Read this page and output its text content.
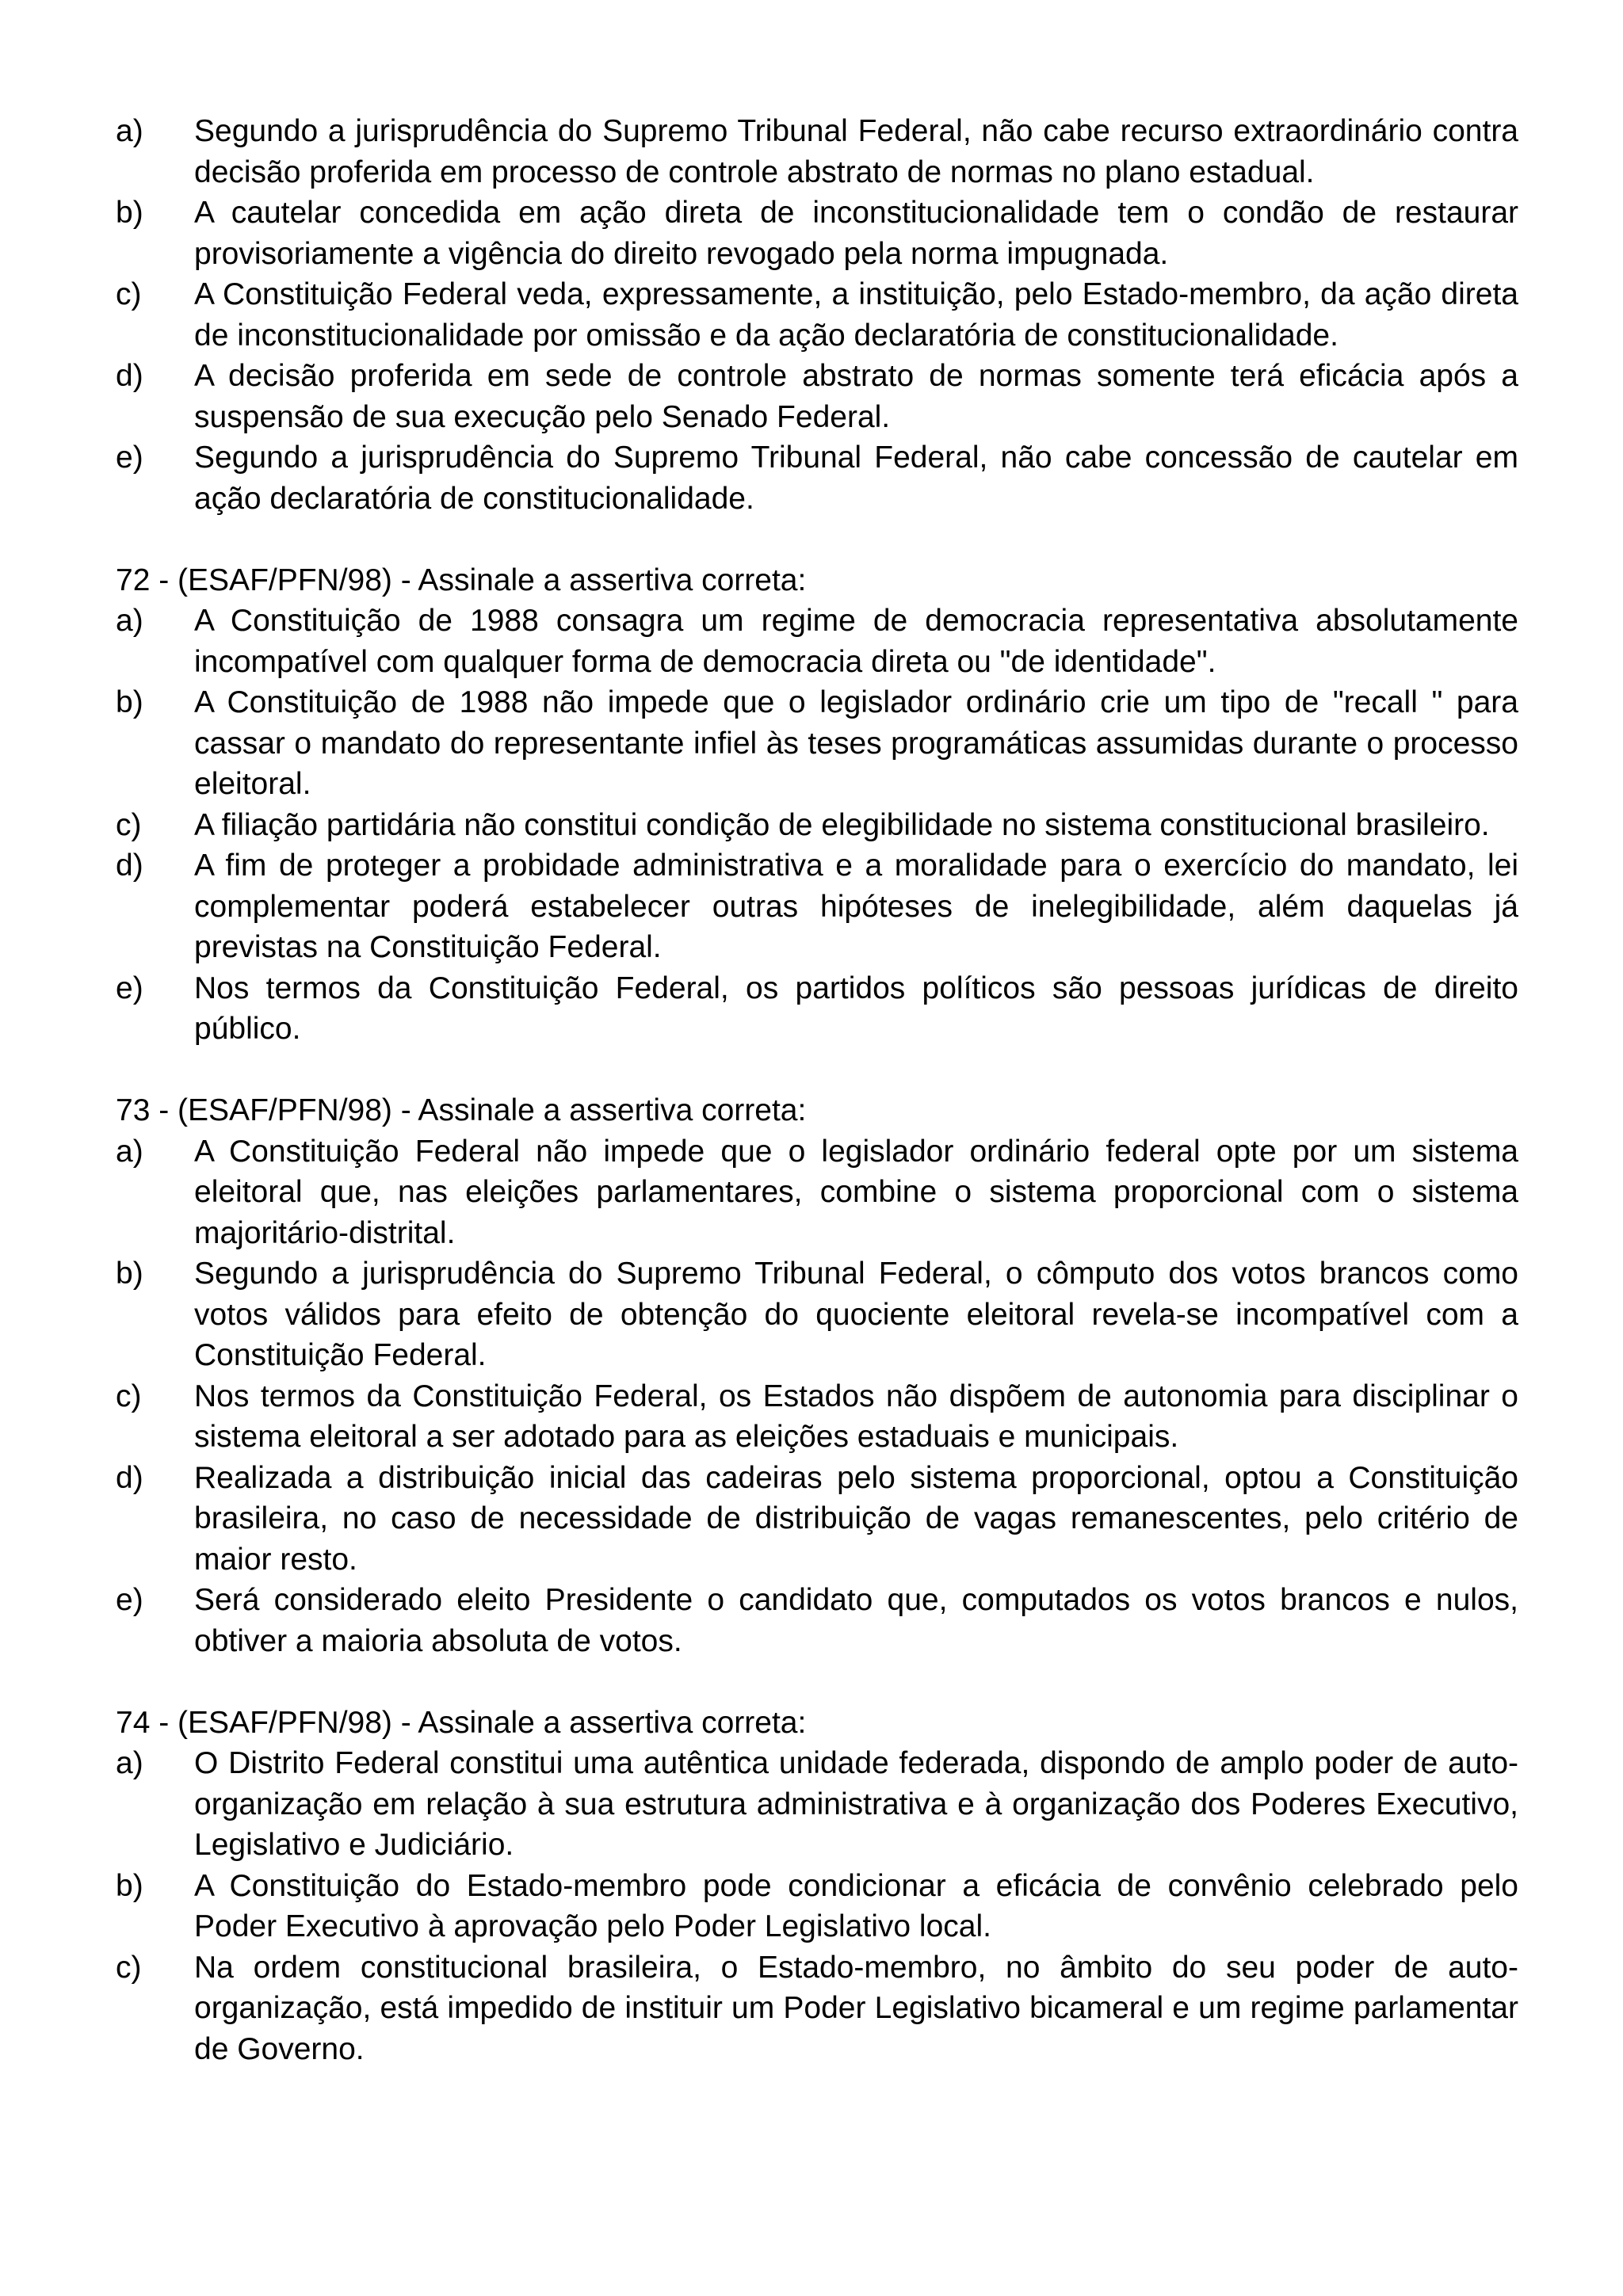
a)	Segundo a jurisprudência do Supremo Tribunal Federal, não cabe recurso extraordinário contra decisão proferida em processo de controle abstrato de normas no plano estadual.
b)	A cautelar concedida em ação direta de inconstitucionalidade tem o condão de restaurar provisoriamente a vigência do direito revogado pela norma impugnada.
c)	A Constituição Federal veda, expressamente, a instituição, pelo Estado-membro, da ação direta de inconstitucionalidade por omissão e da ação declaratória de constitucionalidade.
d)	A decisão proferida em sede de controle abstrato de normas somente terá eficácia após a suspensão de sua execução pelo Senado Federal.
e)	Segundo a jurisprudência do Supremo Tribunal Federal, não cabe concessão de cautelar em ação declaratória de constitucionalidade.
72 - (ESAF/PFN/98) - Assinale a assertiva correta:
a)	A Constituição de 1988 consagra um regime de democracia representativa absolutamente incompatível com qualquer forma de democracia direta ou "de identidade".
b)	A Constituição de 1988 não impede que o legislador ordinário crie um tipo de "recall " para cassar o mandato do representante infiel às teses programáticas assumidas durante o processo eleitoral.
c)	A filiação partidária não constitui condição de elegibilidade no sistema constitucional brasileiro.
d)	A fim de proteger a probidade administrativa e a moralidade para o exercício do mandato, lei complementar poderá estabelecer outras hipóteses de inelegibilidade, além daquelas já previstas na Constituição Federal.
e)	Nos termos da Constituição Federal, os partidos políticos são pessoas jurídicas de direito público.
73 - (ESAF/PFN/98) - Assinale a assertiva correta:
a)	A Constituição Federal não impede que o legislador ordinário federal opte por um sistema eleitoral que, nas eleições parlamentares, combine o sistema proporcional com o sistema majoritário-distrital.
b)	Segundo a jurisprudência do Supremo Tribunal Federal, o cômputo dos votos brancos como votos válidos para efeito de obtenção do quociente eleitoral revela-se incompatível com a Constituição Federal.
c)	Nos termos da Constituição Federal, os Estados não dispõem de autonomia para disciplinar o sistema eleitoral a ser adotado para as eleições estaduais e municipais.
d)	Realizada a distribuição inicial das cadeiras pelo sistema proporcional, optou a Constituição brasileira, no caso de necessidade de distribuição de vagas remanescentes, pelo critério de maior resto.
e)	Será considerado eleito Presidente o candidato que, computados os votos brancos e nulos, obtiver a maioria absoluta de votos.
74 - (ESAF/PFN/98) - Assinale a assertiva correta:
a)	O Distrito Federal constitui uma autêntica unidade federada, dispondo de amplo poder de auto-organização em relação à sua estrutura administrativa e à organização dos Poderes Executivo, Legislativo e Judiciário.
b)	A Constituição do Estado-membro pode condicionar a eficácia de convênio celebrado pelo Poder Executivo à aprovação pelo Poder Legislativo local.
c)	Na ordem constitucional brasileira, o Estado-membro, no âmbito do seu poder de auto-organização, está impedido de instituir um Poder Legislativo bicameral e um regime parlamentar de Governo.
